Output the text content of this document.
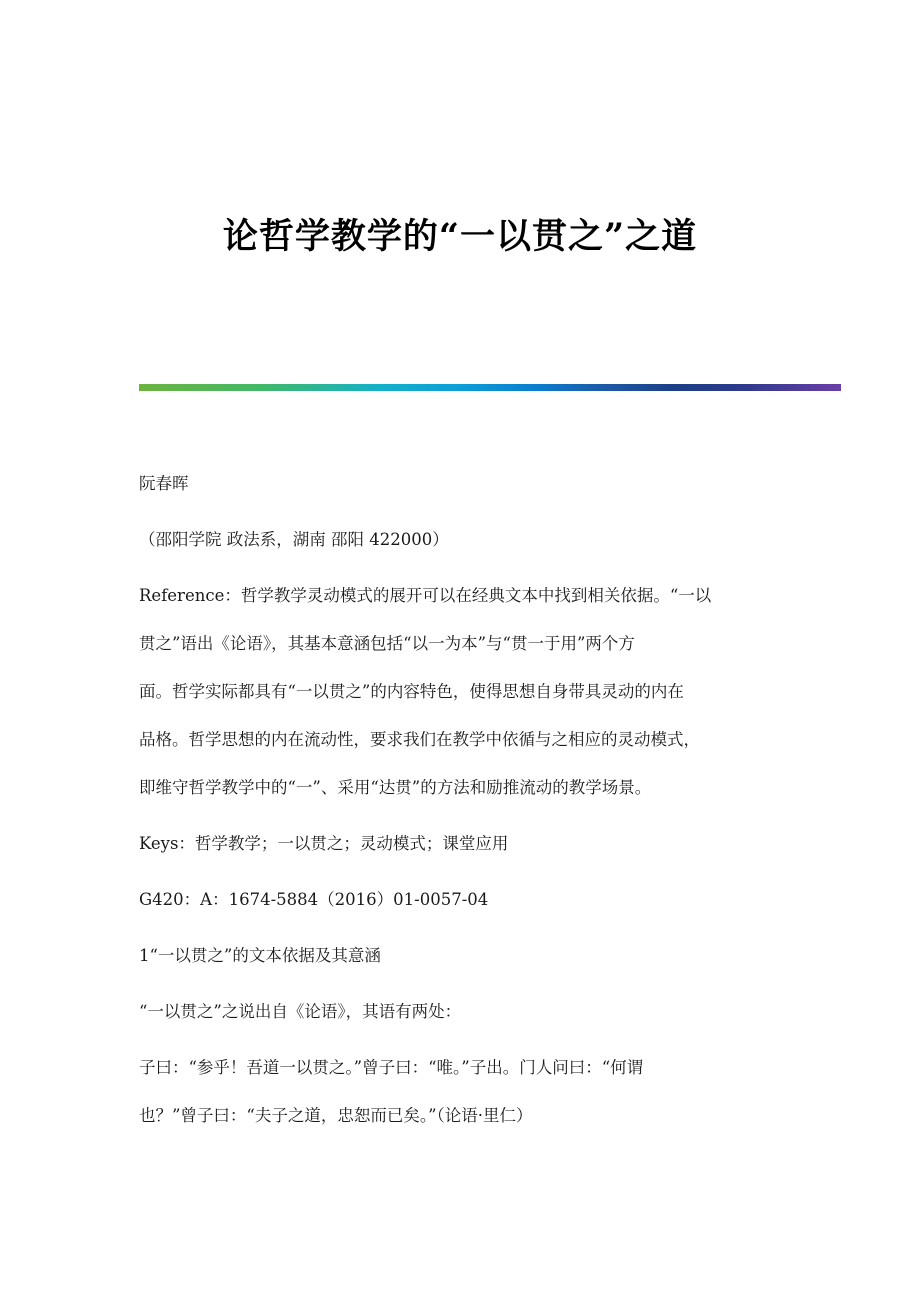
论哲学教学的“一以贯之”之道
阮春晖
（邵阳学院 政法系，湖南 邵阳 422000）
Reference：哲学教学灵动模式的展开可以在经典文本中找到相关依据。“一以
贯之”语出《论语》，其基本意涵包括“以一为本”与“贯一于用”两个方
面。哲学实际都具有“一以贯之”的内容特色，使得思想自身带具灵动的内在
品格。哲学思想的内在流动性，要求我们在教学中依循与之相应的灵动模式，
即维守哲学教学中的“一”、采用“达贯”的方法和励推流动的教学场景。
Keys：哲学教学；一以贯之；灵动模式；课堂应用
G420：A：1674-5884（2016）01-0057-04
1“一以贯之”的文本依据及其意涵
“一以贯之”之说出自《论语》，其语有两处：
子曰：“参乎！吾道一以贯之。”曾子曰：“唯。”子出。门人问曰：“何谓
也？”曾子曰：“夫子之道，忠恕而已矣。”（论语·里仁）
